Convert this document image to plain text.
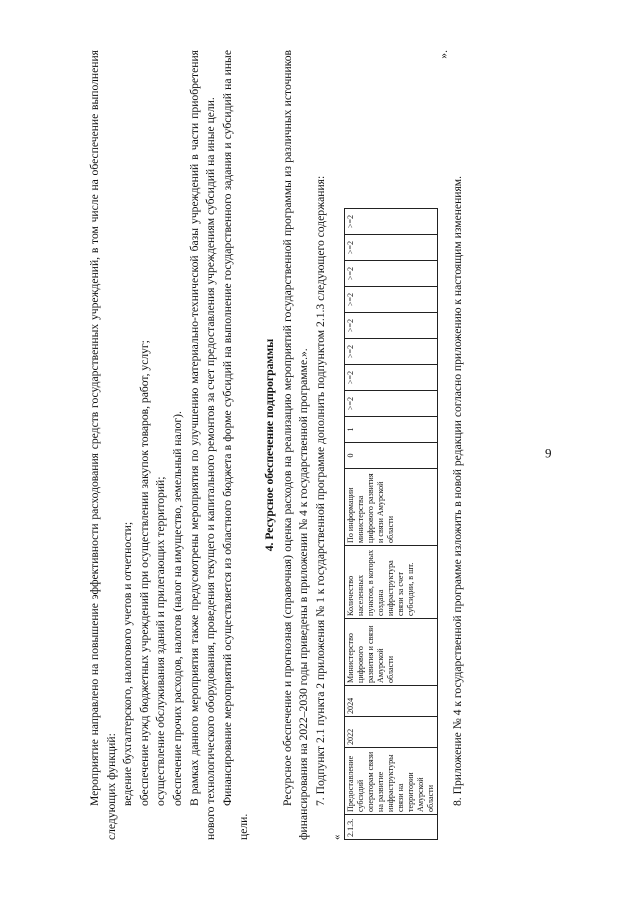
Мероприятие направлено на повышение эффективности расходования средств государственных учреждений, в том числе на обеспечение выполнения следующих функций: ведение бухгалтерского, налогового учетов и отчетности; обеспечение нужд бюджетных учреждений при осуществлении закупок товаров, работ, услуг; осуществление обслуживания зданий и прилегающих территорий; обеспечение прочих расходов, налогов (налог на имущество, земельный налог). В рамках данного мероприятия также предусмотрены мероприятия по улучшению материально-технической базы учреждений в части приобретения нового технологического оборудования, проведения текущего и капитального ремонтов за счет предоставления учреждениям субсидий на иные цели. Финансирование мероприятий осуществляется из областного бюджета в форме субсидий на выполнение государственного задания и субсидий на иные цели.

4. Ресурсное обеспечение подпрограммы Ресурсное обеспечение и прогнозная (справочная) оценка расходов на реализацию мероприятий государственной программы из различных источников финансирования на 2022–2030 годы приведены в приложении № 4 к государственной программе.». 7. Подпункт 2.1 пункта 2 приложения № 1 к государственной программе дополнить подпунктом 2.1.3 следующего содержания:

«

2.1.3.	Предоставление субсидий операторам связи на развитие инфраструктуры связи на территории Амурской области	2022	2024	Министерство цифрового развития и связи Амурской области	Количество населенных пунктов, в которых создана инфраструктура связи за счет субсидии, в шт.	По информации министерства цифрового развития и связи Амурской области	0	1	>=2	>=2	>=2	>=2	>=2	>=2	>=2	>=2

».

8. Приложение № 4 к государственной программе изложить в новой редакции согласно приложению к настоящим изменениям.	9
